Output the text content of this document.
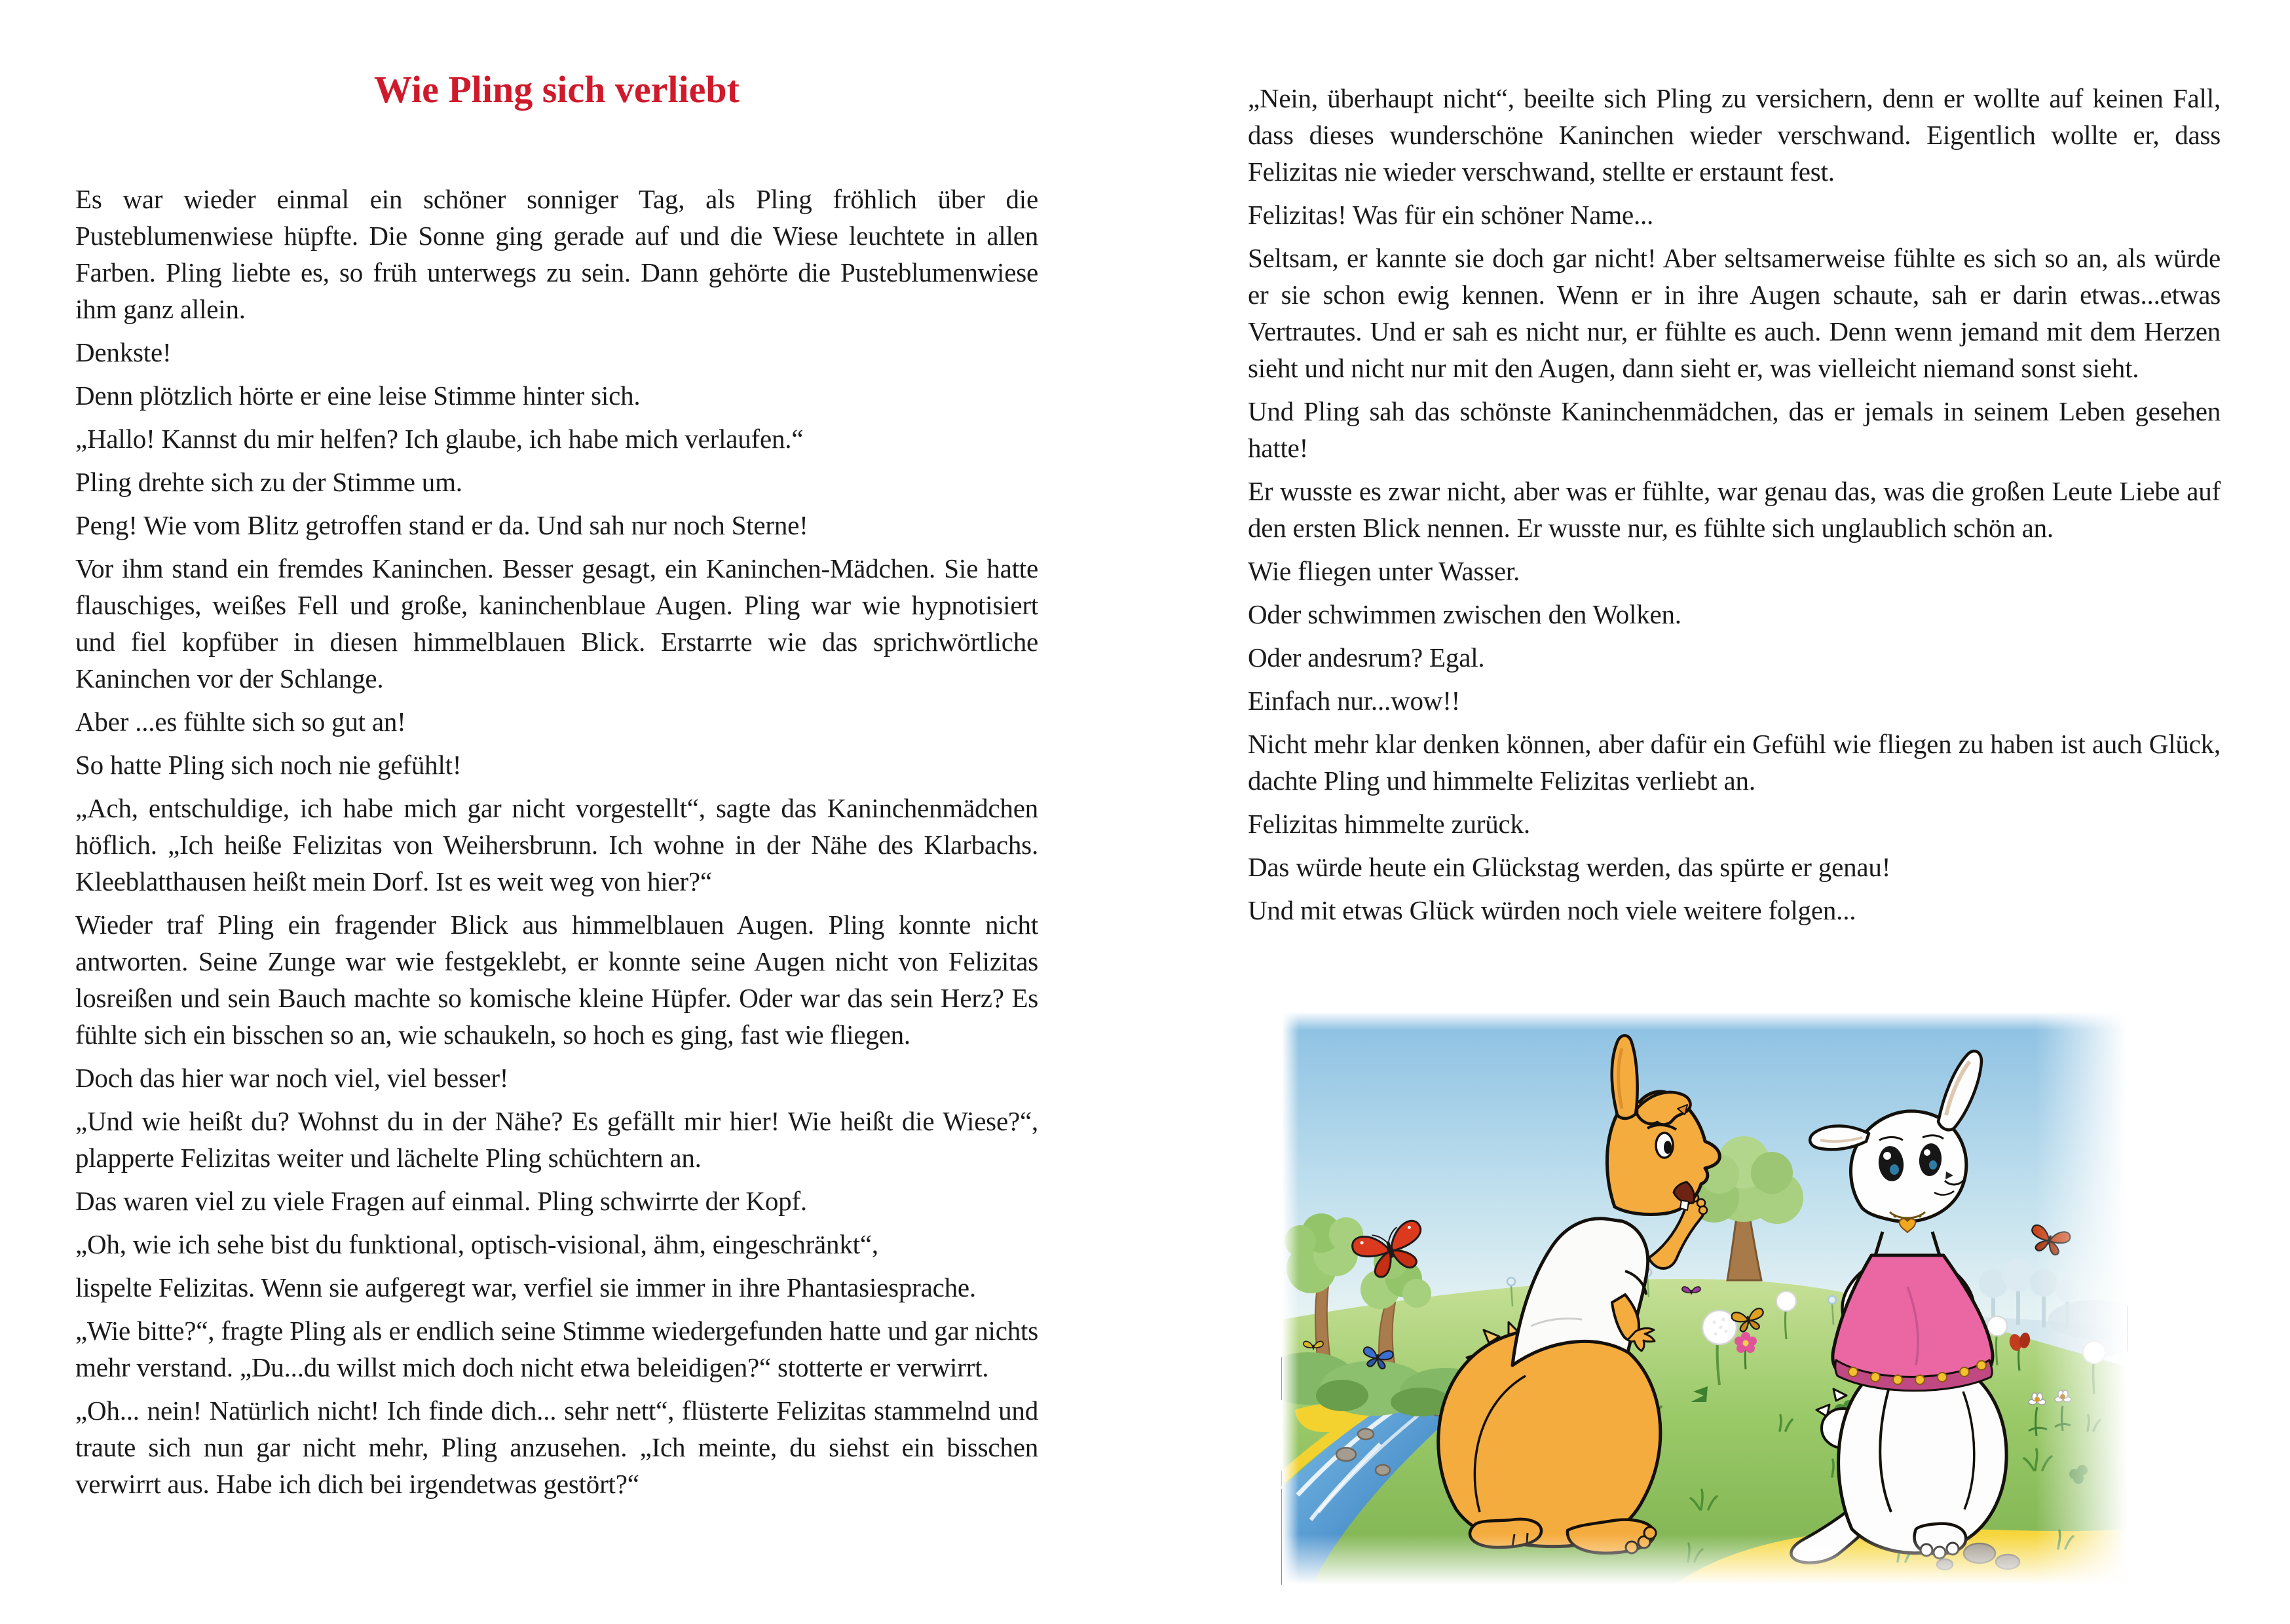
Wie Pling sich verliebt

Es war wieder einmal ein schöner sonniger Tag, als Pling fröhlich über die Pusteblumenwiese hüpfte. Die Sonne ging gerade auf und die Wiese leuchtete in allen Farben. Pling liebte es, so früh unterwegs zu sein. Dann gehörte die Pusteblumenwiese ihm ganz allein.

Denkste!

Denn plötzlich hörte er eine leise Stimme hinter sich.

„Hallo! Kannst du mir helfen? Ich glaube, ich habe mich verlaufen.“

Pling drehte sich zu der Stimme um.

Peng! Wie vom Blitz getroffen stand er da. Und sah nur noch Sterne!

Vor ihm stand ein fremdes Kaninchen. Besser gesagt, ein Kaninchen-Mädchen. Sie hatte flauschiges, weißes Fell und große, kaninchenblaue Augen. Pling war wie hypnotisiert und fiel kopfüber in diesen himmelblauen Blick. Erstarrte wie das sprichwörtliche Kaninchen vor der Schlange.

Aber ...es fühlte sich so gut an!

So hatte Pling sich noch nie gefühlt!

„Ach, entschuldige, ich habe mich gar nicht vorgestellt“, sagte das Kaninchenmädchen höflich. „Ich heiße Felizitas von Weihersbrunn. Ich wohne in der Nähe des Klarbachs. Kleeblatthausen heißt mein Dorf. Ist es weit weg von hier?“

Wieder traf Pling ein fragender Blick aus himmelblauen Augen. Pling konnte nicht antworten. Seine Zunge war wie festgeklebt, er konnte seine Augen nicht von Felizitas losreißen und sein Bauch machte so komische kleine Hüpfer. Oder war das sein Herz? Es fühlte sich ein bisschen so an, wie schaukeln, so hoch es ging, fast wie fliegen.

Doch das hier war noch viel, viel besser!

„Und wie heißt du? Wohnst du in der Nähe? Es gefällt mir hier! Wie heißt die Wiese?“, plapperte Felizitas weiter und lächelte Pling schüchtern an.

Das waren viel zu viele Fragen auf einmal. Pling schwirrte der Kopf.

„Oh, wie ich sehe bist du funktional, optisch-visional, ähm, eingeschränkt“,

lispelte Felizitas. Wenn sie aufgeregt war, verfiel sie immer in ihre Phantasiesprache.

„Wie bitte?“, fragte Pling als er endlich seine Stimme wiedergefunden hatte und gar nichts mehr verstand. „Du...du willst mich doch nicht etwa beleidigen?“ stotterte er verwirrt.

„Oh... nein! Natürlich nicht! Ich finde dich... sehr nett“, flüsterte Felizitas stammelnd und traute sich nun gar nicht mehr, Pling anzusehen. „Ich meinte, du siehst ein bisschen verwirrt aus. Habe ich dich bei irgendetwas gestört?“

„Nein, überhaupt nicht“, beeilte sich Pling zu versichern, denn er wollte auf keinen Fall, dass dieses wunderschöne Kaninchen wieder verschwand. Eigentlich wollte er, dass Felizitas nie wieder verschwand, stellte er erstaunt fest.

Felizitas! Was für ein schöner Name...

Seltsam, er kannte sie doch gar nicht! Aber seltsamerweise fühlte es sich so an, als würde er sie schon ewig kennen. Wenn er in ihre Augen schaute, sah er darin etwas...etwas Vertrautes. Und er sah es nicht nur, er fühlte es auch. Denn wenn jemand mit dem Herzen sieht und nicht nur mit den Augen, dann sieht er, was vielleicht niemand sonst sieht.

Und Pling sah das schönste Kaninchenmädchen, das er jemals in seinem Leben gesehen hatte!

Er wusste es zwar nicht, aber was er fühlte, war genau das, was die großen Leute Liebe auf den ersten Blick nennen. Er wusste nur, es fühlte sich unglaublich schön an.

Wie fliegen unter Wasser.

Oder schwimmen zwischen den Wolken.

Oder andesrum? Egal.

Einfach nur...wow!!

Nicht mehr klar denken können, aber dafür ein Gefühl wie fliegen zu haben ist auch Glück, dachte Pling und himmelte Felizitas verliebt an.

Felizitas himmelte zurück.

Das würde heute ein Glückstag werden, das spürte er genau!

Und mit etwas Glück würden noch viele weitere folgen...
